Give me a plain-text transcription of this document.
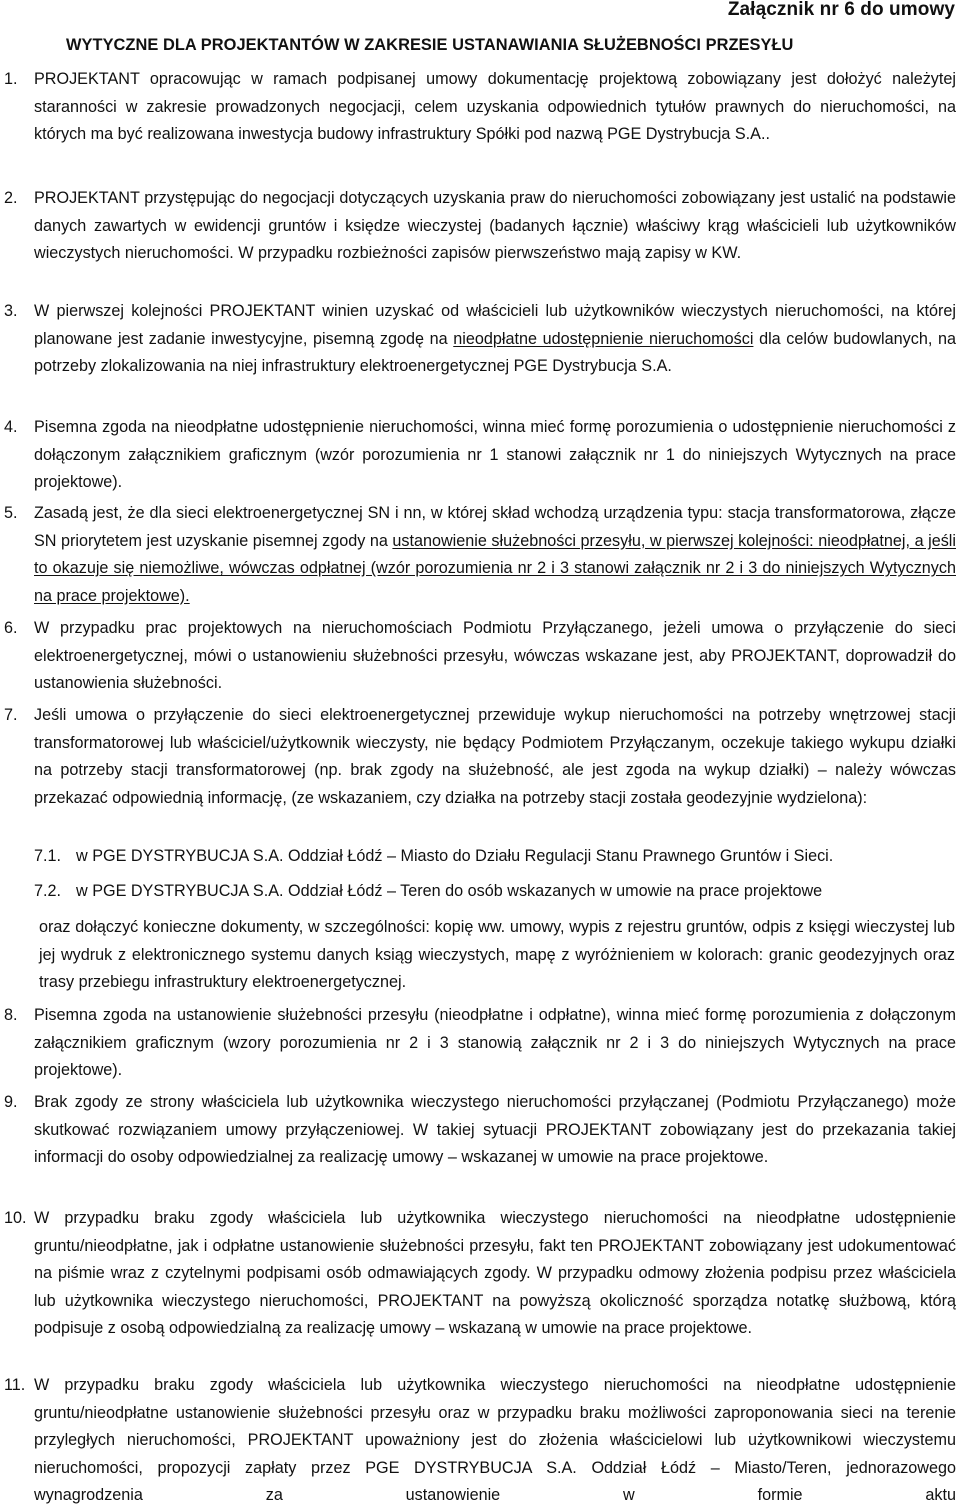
Załącznik nr 6 do umowy
WYTYCZNE DLA PROJEKTANTÓW W ZAKRESIE USTANAWIANIA SŁUŻEBNOŚCI PRZESYŁU
1.	PROJEKTANT opracowując w ramach podpisanej umowy dokumentację projektową zobowiązany jest dołożyć należytej staranności w zakresie prowadzonych negocjacji, celem uzyskania odpowiednich tytułów prawnych do nieruchomości, na których ma być realizowana inwestycja budowy infrastruktury Spółki pod nazwą PGE Dystrybucja S.A..
2.	PROJEKTANT przystępując do negocjacji dotyczących uzyskania praw do nieruchomości zobowiązany jest ustalić na podstawie danych zawartych w ewidencji gruntów i księdze wieczystej (badanych łącznie) właściwy krąg właścicieli lub użytkowników wieczystych nieruchomości. W przypadku rozbieżności zapisów pierwszeństwo mają zapisy w KW.
3.	W pierwszej kolejności PROJEKTANT winien uzyskać od właścicieli lub użytkowników wieczystych nieruchomości, na której planowane jest zadanie inwestycyjne, pisemną zgodę na nieodpłatne udostępnienie nieruchomości dla celów budowlanych, na potrzeby zlokalizowania na niej infrastruktury elektroenergetycznej PGE Dystrybucja S.A.
4.	Pisemna zgoda na nieodpłatne udostępnienie nieruchomości, winna mieć formę porozumienia o udostępnienie nieruchomości z dołączonym załącznikiem graficznym (wzór porozumienia nr 1 stanowi załącznik nr 1 do niniejszych Wytycznych na prace projektowe).
5.	Zasadą jest, że dla sieci elektroenergetycznej SN i nn, w której skład wchodzą urządzenia typu: stacja transformatorowa, złącze SN priorytetem jest uzyskanie pisemnej zgody na ustanowienie służebności przesyłu, w pierwszej kolejności: nieodpłatnej, a jeśli to okazuje się niemożliwe, wówczas odpłatnej (wzór porozumienia nr 2 i 3 stanowi załącznik nr 2 i 3 do niniejszych Wytycznych na prace projektowe).
6.	W przypadku prac projektowych na nieruchomościach Podmiotu Przyłączanego, jeżeli umowa o przyłączenie do sieci elektroenergetycznej, mówi o ustanowieniu służebności przesyłu, wówczas wskazane jest, aby PROJEKTANT, doprowadził do ustanowienia służebności.
7.	Jeśli umowa o przyłączenie do sieci elektroenergetycznej przewiduje wykup nieruchomości na potrzeby wnętrzowej stacji transformatorowej lub właściciel/użytkownik wieczysty, nie będący Podmiotem Przyłączanym, oczekuje takiego wykupu działki na potrzeby stacji transformatorowej (np. brak zgody na służebność, ale jest zgoda na wykup działki) – należy wówczas przekazać odpowiednią informację, (ze wskazaniem, czy działka na potrzeby stacji została geodezyjnie wydzielona):
7.1. w PGE DYSTRYBUCJA S.A. Oddział Łódź – Miasto do Działu Regulacji Stanu Prawnego Gruntów i Sieci.
7.2. w PGE DYSTRYBUCJA S.A. Oddział Łódź – Teren do osób wskazanych w umowie na prace projektowe
oraz dołączyć konieczne dokumenty, w szczególności: kopię ww. umowy, wypis z rejestru gruntów, odpis z księgi wieczystej lub jej wydruk z elektronicznego systemu danych ksiąg wieczystych, mapę z wyróżnieniem w kolorach: granic geodezyjnych oraz trasy przebiegu infrastruktury elektroenergetycznej.
8.	Pisemna zgoda na ustanowienie służebności przesyłu (nieodpłatne i odpłatne), winna mieć formę porozumienia z dołączonym załącznikiem graficznym (wzory porozumienia nr 2 i 3 stanowią załącznik nr 2 i 3 do niniejszych Wytycznych na prace projektowe).
9.	Brak zgody ze strony właściciela lub użytkownika wieczystego nieruchomości przyłączanej (Podmiotu Przyłączanego) może skutkować rozwiązaniem umowy przyłączeniowej. W takiej sytuacji PROJEKTANT zobowiązany jest do przekazania takiej informacji do osoby odpowiedzialnej za realizację umowy – wskazanej w umowie na prace projektowe.
10. W przypadku braku zgody właściciela lub użytkownika wieczystego nieruchomości na nieodpłatne udostępnienie gruntu/nieodpłatne, jak i odpłatne ustanowienie służebności przesyłu, fakt ten PROJEKTANT zobowiązany jest udokumentować na piśmie wraz z czytelnymi podpisami osób odmawiających zgody. W przypadku odmowy złożenia podpisu przez właściciela lub użytkownika wieczystego nieruchomości, PROJEKTANT na powyższą okoliczność sporządza notatkę służbową, którą podpisuje z osobą odpowiedzialną za realizację umowy – wskazaną w umowie na prace projektowe.
11. W przypadku braku zgody właściciela lub użytkownika wieczystego nieruchomości na nieodpłatne udostępnienie gruntu/nieodpłatne ustanowienie służebności przesyłu oraz w przypadku braku możliwości zaproponowania sieci na terenie przyległych nieruchomości, PROJEKTANT upoważniony jest do złożenia właścicielowi lub użytkownikowi wieczystemu nieruchomości, propozycji zapłaty przez PGE DYSTRYBUCJA S.A. Oddział Łódź – Miasto/Teren, jednorazowego wynagrodzenia za ustanowienie w formie aktu
